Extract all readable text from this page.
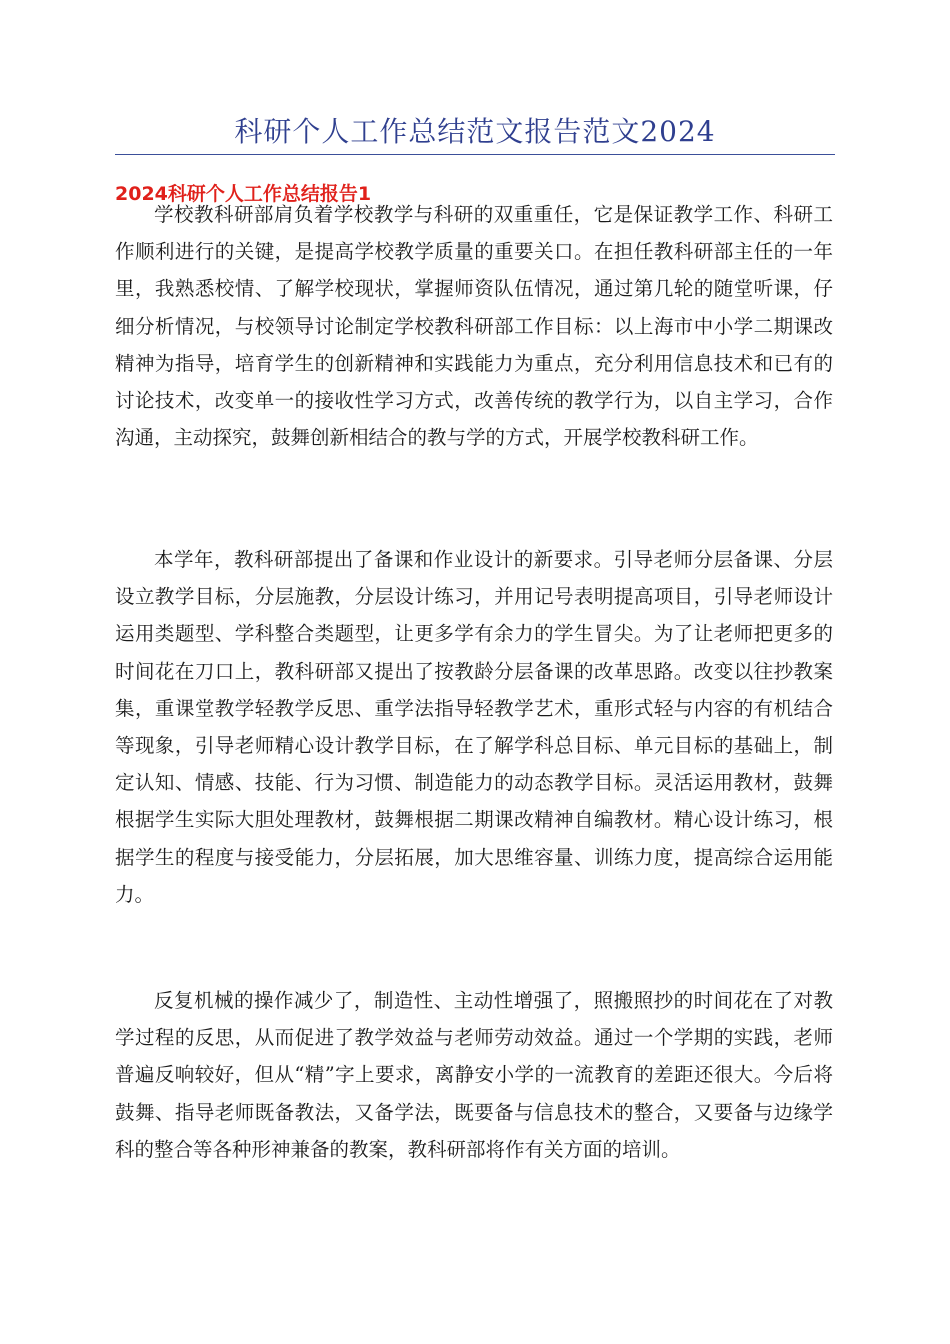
科研个人工作总结范文报告范文2024
2024科研个人工作总结报告1

学校教科研部肩负着学校教学与科研的双重重任，它是保证教学工作、科研工作顺利进行的关键，是提高学校教学质量的重要关口。在担任教科研部主任的一年里，我熟悉校情、了解学校现状，掌握师资队伍情况，通过第几轮的随堂听课，仔细分析情况，与校领导讨论制定学校教科研部工作目标：以上海市中小学二期课改精神为指导，培育学生的创新精神和实践能力为重点，充分利用信息技术和已有的讨论技术，改变单一的接收性学习方式，改善传统的教学行为，以自主学习，合作沟通，主动探究，鼓舞创新相结合的教与学的方式，开展学校教科研工作。

本学年，教科研部提出了备课和作业设计的新要求。引导老师分层备课、分层设立教学目标，分层施教，分层设计练习，并用记号表明提高项目，引导老师设计运用类题型、学科整合类题型，让更多学有余力的学生冒尖。为了让老师把更多的时间花在刀口上，教科研部又提出了按教龄分层备课的改革思路。改变以往抄教案集，重课堂教学轻教学反思、重学法指导轻教学艺术，重形式轻与内容的有机结合等现象，引导老师精心设计教学目标，在了解学科总目标、单元目标的基础上，制定认知、情感、技能、行为习惯、制造能力的动态教学目标。灵活运用教材，鼓舞根据学生实际大胆处理教材，鼓舞根据二期课改精神自编教材。精心设计练习，根据学生的程度与接受能力，分层拓展，加大思维容量、训练力度，提高综合运用能力。

反复机械的操作减少了，制造性、主动性增强了，照搬照抄的时间花在了对教学过程的反思，从而促进了教学效益与老师劳动效益。通过一个学期的实践，老师普遍反响较好，但从“精”字上要求，离静安小学的一流教育的差距还很大。今后将鼓舞、指导老师既备教法，又备学法，既要备与信息技术的整合，又要备与边缘学科的整合等各种形神兼备的教案，教科研部将作有关方面的培训。
